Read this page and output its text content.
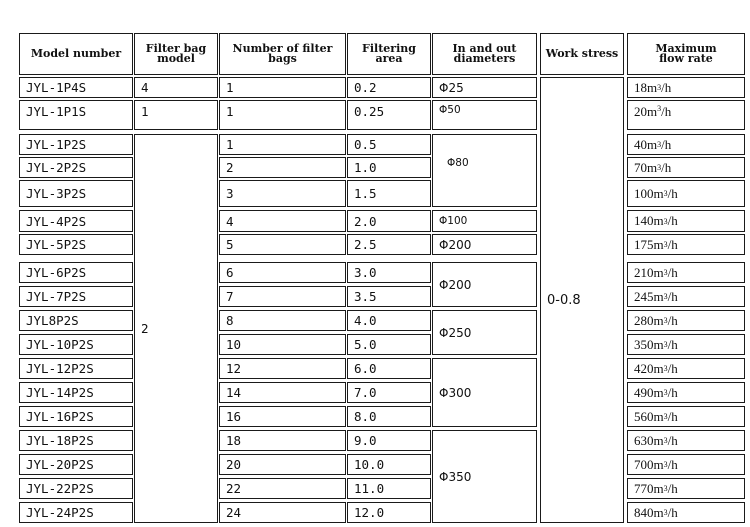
Model number Filter bag
model
Number of filter bags
Filtering area
In and out
diameters	Work stress	Maximum
flow rate
JYL-1P4S
JYL-1P1S
JYL-1P2S
JYL-2P2S
JYL-3P2S
JYL-4P2S
JYL-5P2S
JYL-6P2S
JYL-7P2S
JYL8P2S
JYL-10P2S
JYL-12P2S
JYL-14P2S
JYL-16P2S
JYL-18P2S
JYL-20P2S
JYL-22P2S
JYL-24P2S
4
1
2
1
1
1
2
3
4
5
6
7
8
10
12
14
16
18
20
22
24
0.2
0.25
0.5
1.0
1.5
2.0
2.5
3.0
3.5
4.0
5.0
6.0
7.0
8.0
9.0
10.0
11.0
12.0
Φ25
Φ50
Φ80
Φ100
Φ200
Φ200
Φ250
Φ300
Φ350
0-0.8
18 m 3 /h
20 $m^3$ /h
40 m 3 /h
70 m 3 /h
100 m 3 /h
140 m 3 /h
175 m 3 /h
210 m 3 /h
245 m 3 /h
280 m 3 /h
350 m 3 /h
420 m 3 /h
490 m 3 /h
560 m 3 /h
630 m 3 /h
700 m 3 /h
770 m 3 /h
840 m 3 /h
